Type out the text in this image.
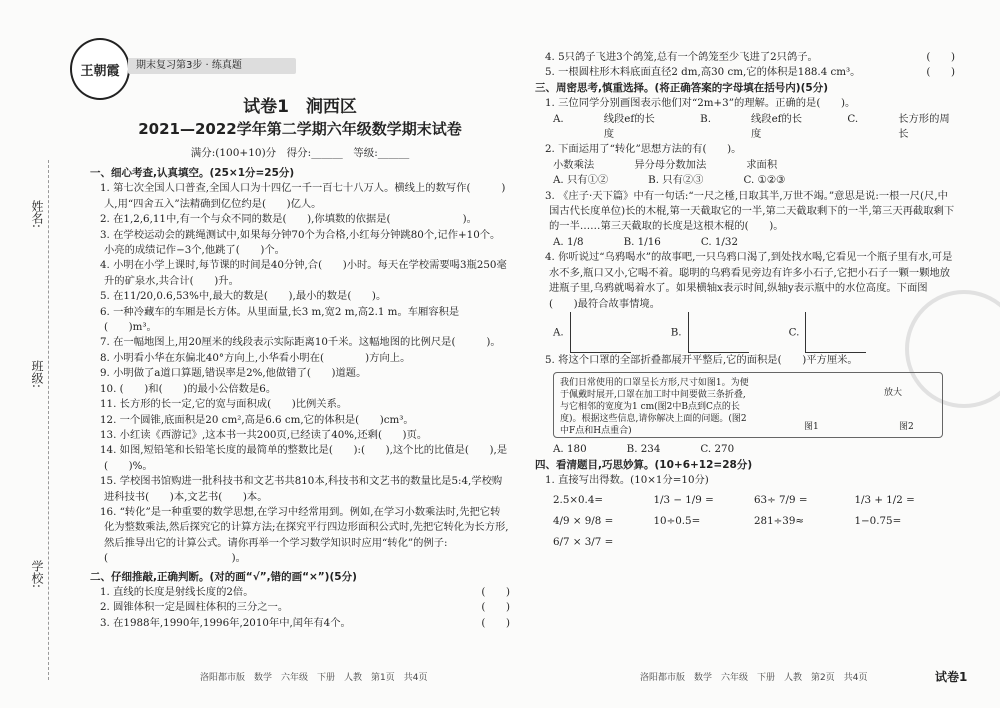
姓名:
班级:
学校:
王朝霞	期末复习第3步 · 练真题
试卷1　涧西区
2021—2022学年第二学期六年级数学期末试卷
满分:(100+10)分　得分:______　等级:______
一、细心考查,认真填空。(25×1分=25分)
1. 第七次全国人口普查,全国人口为十四亿一千一百七十八万人。横线上的数写作(　　　)人,用“四舍五入”法精确到亿位约是(　　)亿人。
2. 在1,2,6,11中,有一个与众不同的数是(　　),你填数的依据是(　　　　　　　)。
3. 在学校运动会的跳绳测试中,如果每分钟70个为合格,小红每分钟跳80个,记作+10个。小亮的成绩记作−3个,他跳了(　　)个。
4. 小明在小学上课时,每节课的时间是40分钟,合(　　)小时。每天在学校需要喝3瓶250毫升的矿泉水,共合计(　　)升。
5. 在11/20,0.6,53%中,最大的数是(　　),最小的数是(　　)。
6. 一种冷藏车的车厢是长方体。从里面量,长3 m,宽2 m,高2.1 m。车厢容积是(　　)m³。
7. 在一幅地图上,用20厘米的线段表示实际距离10千米。这幅地图的比例尺是(　　　)。
8. 小明看小华在东偏北40°方向上,小华看小明在(　　　　)方向上。
9. 小明做了a道口算题,错误率是2%,他做错了(　　)道题。
10. (　　)和(　　)的最小公倍数是6。
11. 长方形的长一定,它的宽与面积成(　　)比例关系。
12. 一个圆锥,底面积是20 cm²,高是6.6 cm,它的体积是(　　)cm³。
13. 小红读《西游记》,这本书一共200页,已经读了40%,还剩(　　)页。
14. 如图,短铅笔和长铅笔长度的最简单的整数比是(　　):(　　),这个比的比值是(　　),是(　　)%。
15. 学校图书馆购进一批科技书和文艺书共810本,科技书和文艺书的数量比是5:4,学校购进科技书(　　)本,文艺书(　　)本。
16. “转化”是一种重要的数学思想,在学习中经常用到。例如,在学习小数乘法时,先把它转化为整数乘法,然后探究它的计算方法;在探究平行四边形面积公式时,先把它转化为长方形,然后推导出它的计算公式。请你再举一个学习数学知识时应用“转化”的例子:(　　　　　　　　　　　　)。
二、仔细推敲,正确判断。(对的画“√”,错的画“×”)(5分)
1. 直线的长度是射线长度的2倍。	(　　)
2. 圆锥体积一定是圆柱体积的三分之一。	(　　)
3. 在1988年,1990年,1996年,2010年中,闰年有4个。	(　　)
4. 5只鸽子飞进3个鸽笼,总有一个鸽笼至少飞进了2只鸽子。	(　　)
5. 一根圆柱形木料底面直径2 dm,高30 cm,它的体积是188.4 cm³。	(　　)
三、周密思考,慎重选择。(将正确答案的字母填在括号内)(5分)
1. 三位同学分别画图表示他们对“2m+3”的理解。正确的是(　　)。
A.	线段ef的长度
B.	线段ef的长度
C.	长方形的周长
2. 下面运用了“转化”思想方法的有(　　)。
小数乘法	异分母分数加法	求面积
A. 只有①②	B. 只有②③	C. ①②③
3. 《庄子·天下篇》中有一句话:“一尺之棰,日取其半,万世不竭。”意思是说:一根一尺(尺,中国古代长度单位)长的木棍,第一天截取它的一半,第二天截取剩下的一半,第三天再截取剩下的一半……第三天截取的长度是这根木棍的(　　)。
A. 1/8	B. 1/16	C. 1/32
4. 你听说过“乌鸦喝水”的故事吧,一只乌鸦口渴了,到处找水喝,它看见一个瓶子里有水,可是水不多,瓶口又小,它喝不着。聪明的乌鸦看见旁边有许多小石子,它把小石子一颗一颗地放进瓶子里,乌鸦就喝着水了。如果横轴x表示时间,纵轴y表示瓶中的水位高度。下面图(　　)最符合故事情境。
A.	B.	C.
5. 将这个口罩的全部折叠都展开平整后,它的面积是(　　)平方厘米。
我们日常使用的口罩呈长方形,尺寸如图1。为便于佩戴时展开,口罩在加工时中间要做三条折叠,与它相邻的宽度为1 cm(图2中B点到C点的长度)。根据这些信息,请你解决上面的问题。(图2中F点和H点重合)	图1
放大
图2
A. 180	B. 234	C. 270
四、看清题目,巧思妙算。(10+6+12=28分)
1. 直接写出得数。(10×1分=10分)
2.5×0.4=	1/3 − 1/9 =	63÷ 7/9 =	1/3 + 1/2 =
4/9 × 9/8 =	10÷0.5=	281÷39≈	1−0.75=
6/7 × 3/7 =
洛阳都市版　数学　六年级　下册　人教　第1页　共4页	洛阳都市版　数学　六年级　下册　人教　第2页　共4页	试卷1
